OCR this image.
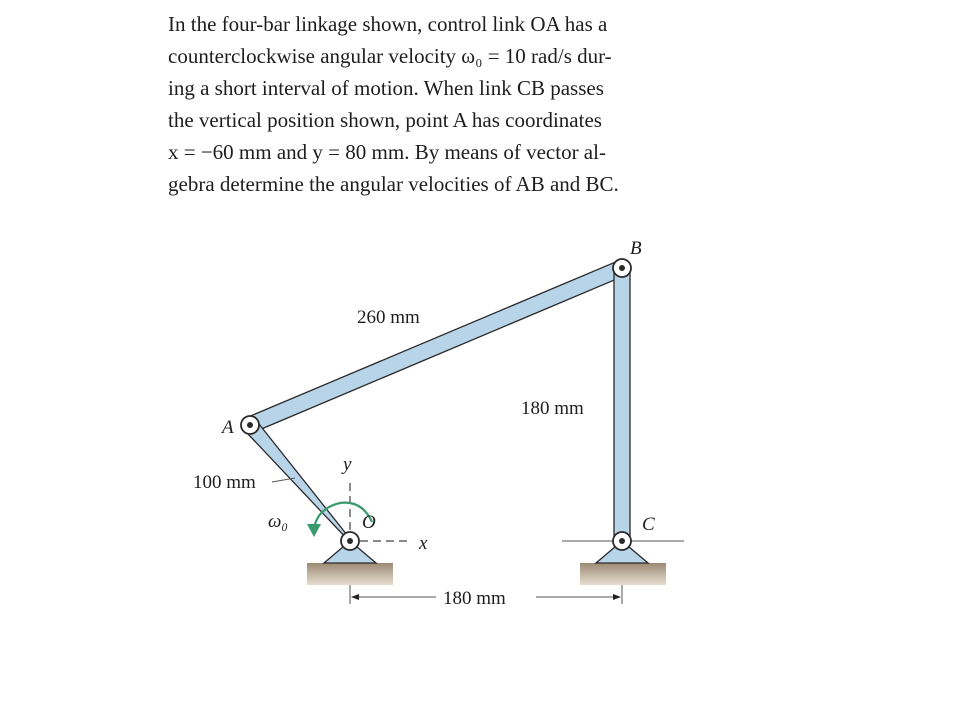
In the four-bar linkage shown, control link OA has a
counterclockwise angular velocity ω₀ = 10 rad/s dur-
ing a short interval of motion. When link CB passes
the vertical position shown, point A has coordinates
x = −60 mm and y = 80 mm. By means of vector al-
gebra determine the angular velocities of AB and BC.
A
B
C
O
x
y
ω₀
260 mm
180 mm
100 mm
180 mm
